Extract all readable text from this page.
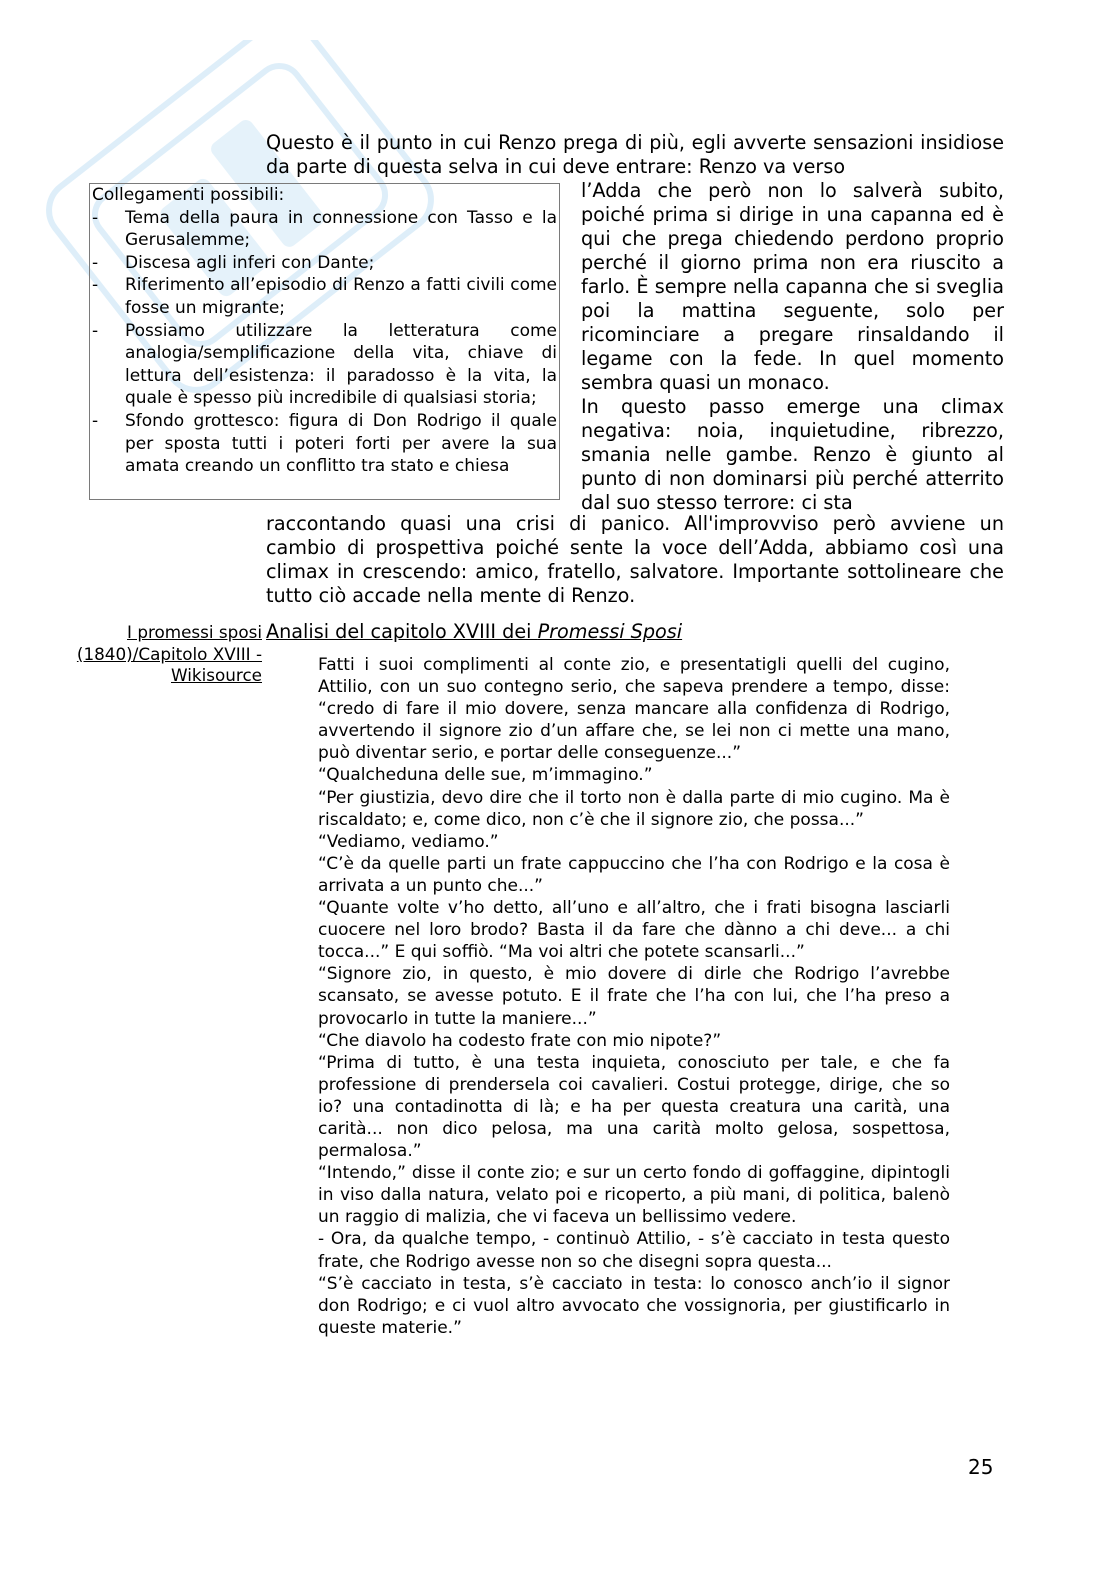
Questo è il punto in cui Renzo prega di più, egli avverte sensazioni insidiose da parte di questa selva in cui deve entrare: Renzo va verso

l’Adda che però non lo salverà subito, poiché prima si dirige in una capanna ed è qui che prega chiedendo perdono proprio perché il giorno prima non era riuscito a farlo. È sempre nella capanna che si sveglia poi la mattina seguente, solo per ricominciare a pregare rinsaldando il legame con la fede. In quel momento sembra quasi un monaco.

In questo passo emerge una climax negativa: noia, inquietudine, ribrezzo, smania nelle gambe. Renzo è giunto al punto di non dominarsi più perché atterrito dal suo stesso terrore: ci sta

Collegamenti possibili:

- Tema della paura in connessione con Tasso e la Gerusalemme;
- Discesa agli inferi con Dante;
- Riferimento all’episodio di Renzo a fatti civili come fosse un migrante;
- Possiamo utilizzare la letteratura come analogia/semplificazione della vita, chiave di lettura dell’esistenza: il paradosso è la vita, la quale è spesso più incredibile di qualsiasi storia;
- Sfondo grottesco: figura di Don Rodrigo il quale per sposta tutti i poteri forti per avere la sua amata creando un conflitto tra stato e chiesa

raccontando quasi una crisi di panico. All'improvviso però avviene un cambio di prospettiva poiché sente la voce dell’Adda, abbiamo così una climax in crescendo: amico, fratello, salvatore. Importante sottolineare che tutto ciò accade nella mente di Renzo.

I promessi sposi (1840)/Capitolo XVIII - Wikisource
Analisi del capitolo XVIII dei Promessi Sposi

Fatti i suoi complimenti al conte zio, e presentatigli quelli del cugino, Attilio, con un suo contegno serio, che sapeva prendere a tempo, disse: “credo di fare il mio dovere, senza mancare alla confidenza di Rodrigo, avvertendo il signore zio d’un affare che, se lei non ci mette una mano, può diventar serio, e portar delle conseguenze...”

“Qualcheduna delle sue, m’immagino.”

“Per giustizia, devo dire che il torto non è dalla parte di mio cugino. Ma è riscaldato; e, come dico, non c’è che il signore zio, che possa...”

“Vediamo, vediamo.”

“C’è da quelle parti un frate cappuccino che l’ha con Rodrigo e la cosa è arrivata a un punto che...”

“Quante volte v’ho detto, all’uno e all’altro, che i frati bisogna lasciarli cuocere nel loro brodo? Basta il da fare che dànno a chi deve... a chi tocca...” E qui soffiò. “Ma voi altri che potete scansarli...”

“Signore zio, in questo, è mio dovere di dirle che Rodrigo l’avrebbe scansato, se avesse potuto. E il frate che l’ha con lui, che l’ha preso a provocarlo in tutte la maniere...”

“Che diavolo ha codesto frate con mio nipote?”

“Prima di tutto, è una testa inquieta, conosciuto per tale, e che fa professione di prendersela coi cavalieri. Costui protegge, dirige, che so io? una contadinotta di là; e ha per questa creatura una carità, una carità... non dico pelosa, ma una carità molto gelosa, sospettosa, permalosa.”

“Intendo,” disse il conte zio; e sur un certo fondo di goffaggine, dipintogli in viso dalla natura, velato poi e ricoperto, a più mani, di politica, balenò un raggio di malizia, che vi faceva un bellissimo vedere.

- Ora, da qualche tempo, - continuò Attilio, - s’è cacciato in testa questo frate, che Rodrigo avesse non so che disegni sopra questa...

“S’è cacciato in testa, s’è cacciato in testa: lo conosco anch’io il signor don Rodrigo; e ci vuol altro avvocato che vossignoria, per giustificarlo in queste materie.”

25
